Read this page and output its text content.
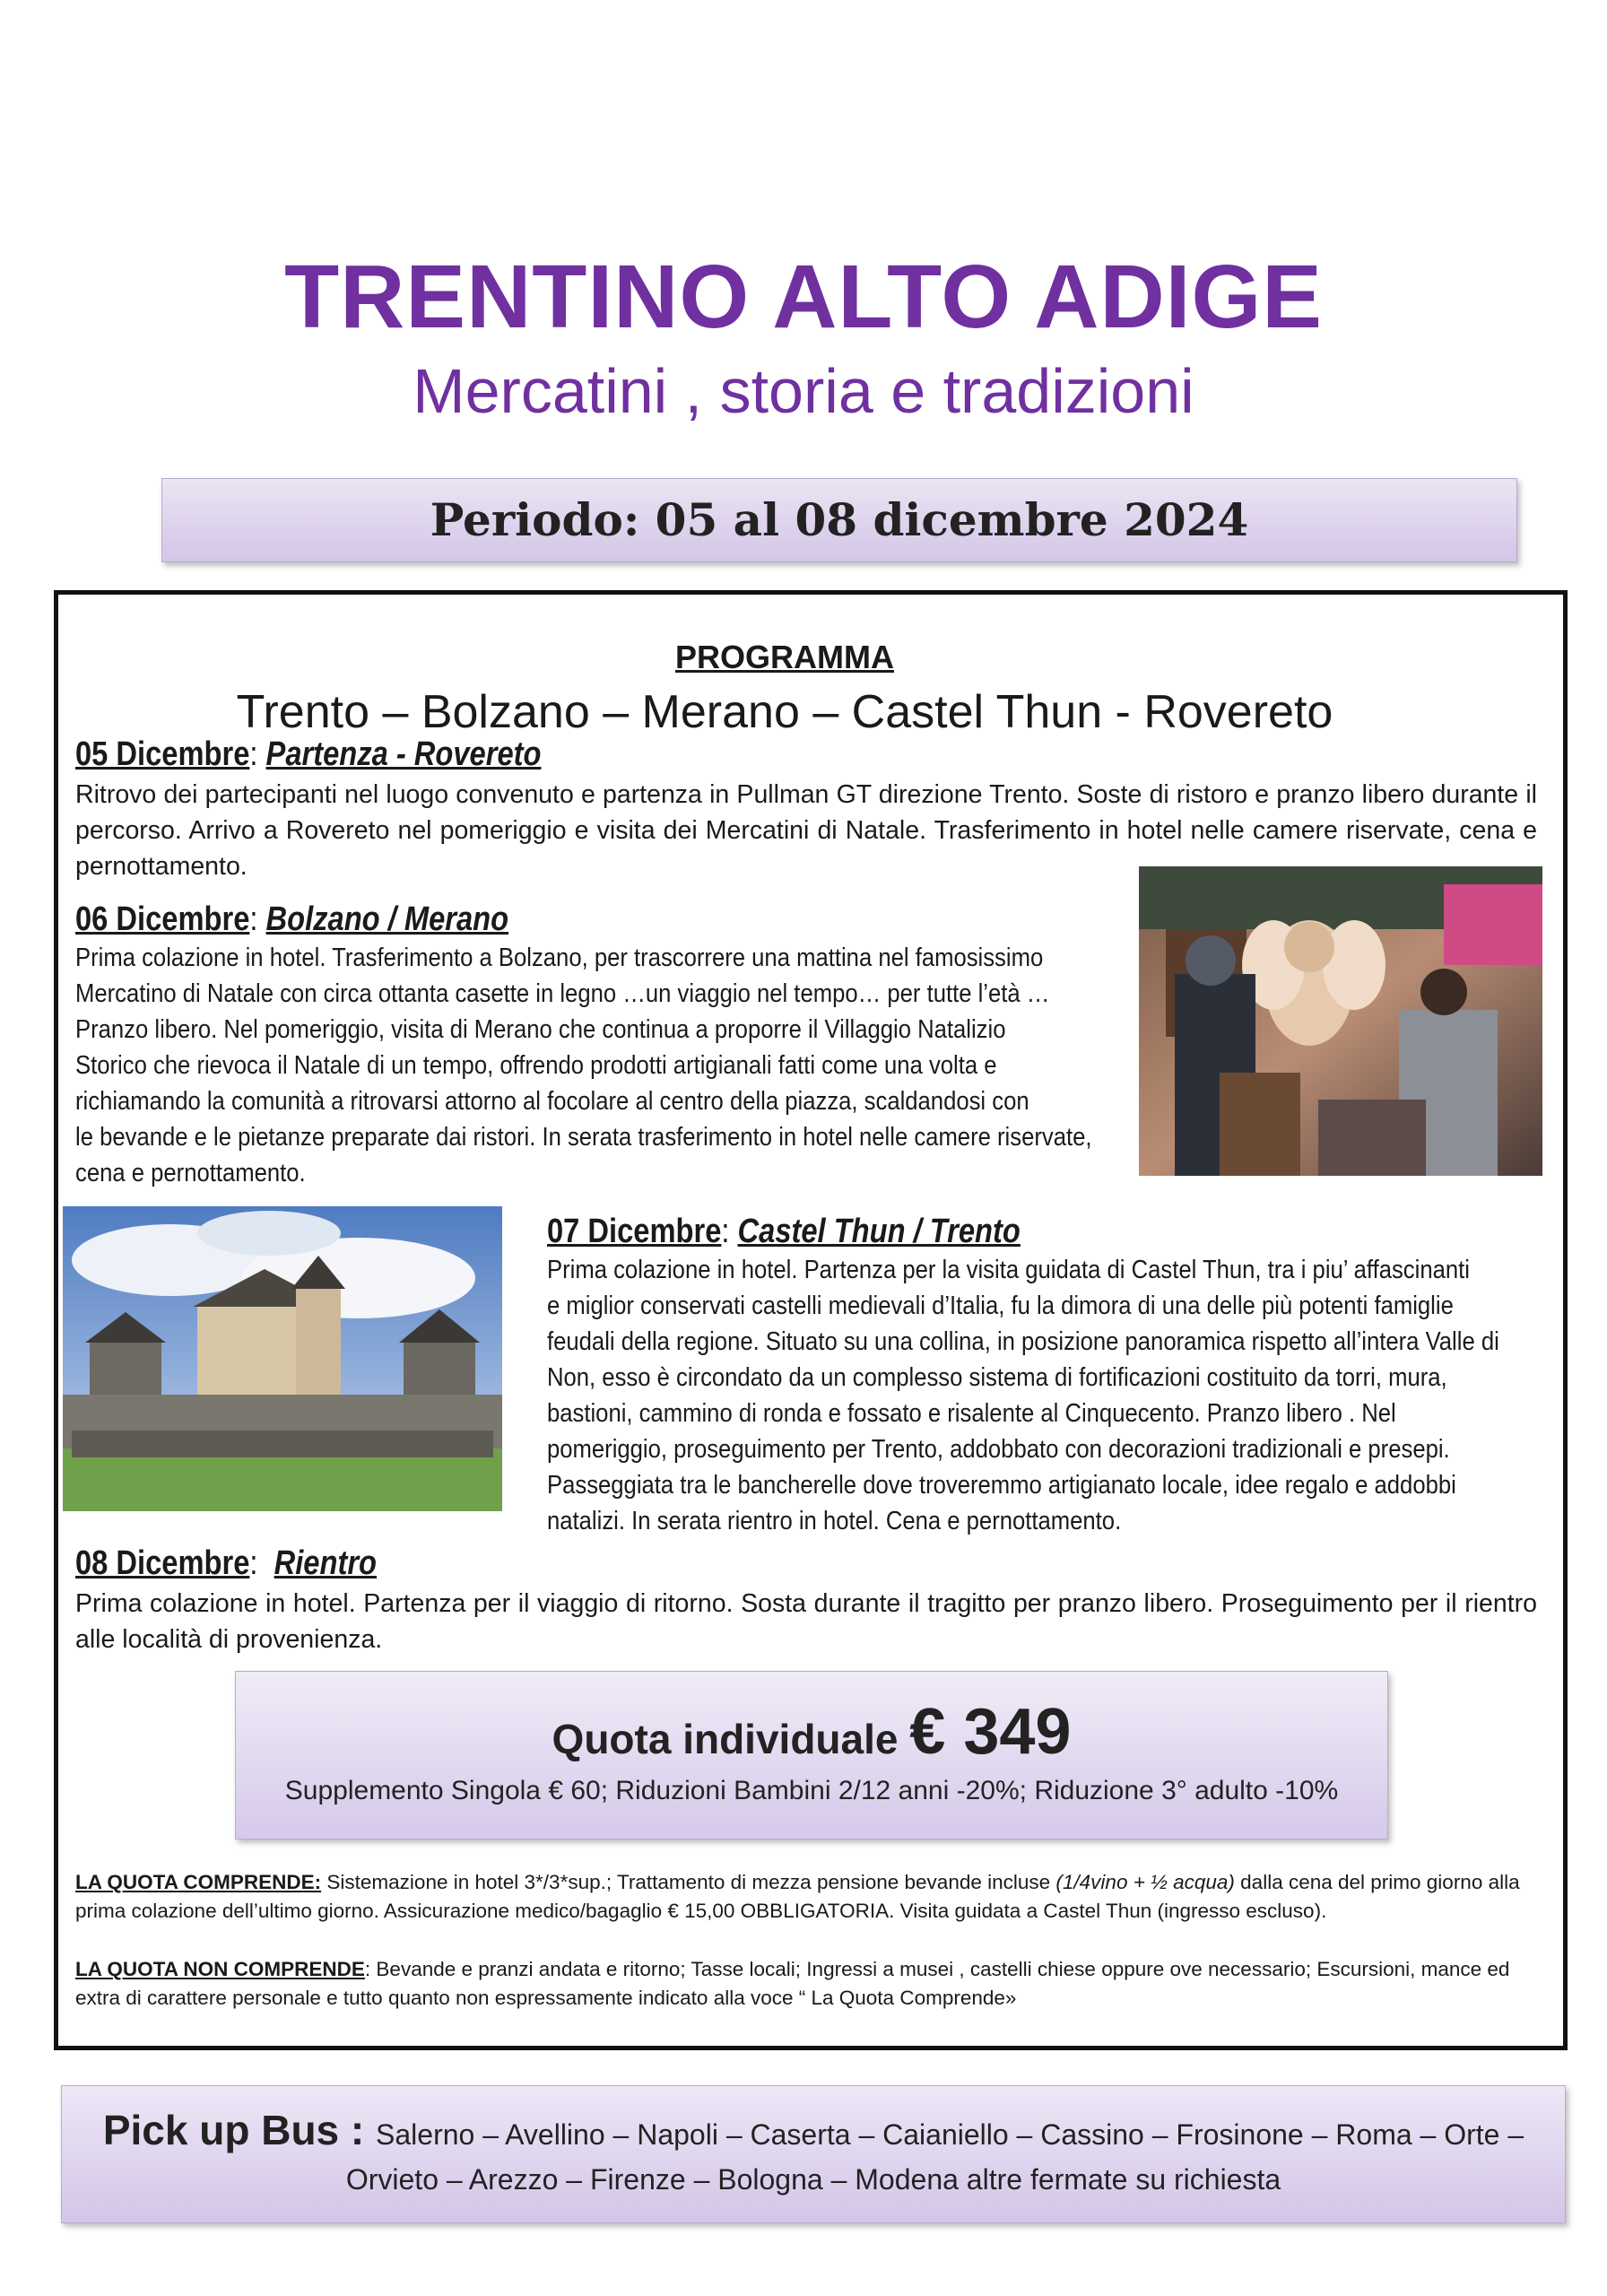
TRENTINO ALTO ADIGE
Mercatini , storia e tradizioni
Periodo: 05 al 08 dicembre 2024
PROGRAMMA
Trento – Bolzano – Merano – Castel Thun - Rovereto
05 Dicembre: Partenza - Rovereto
Ritrovo dei partecipanti nel luogo convenuto e partenza in Pullman GT direzione Trento. Soste di ristoro e pranzo libero durante il percorso. Arrivo a Rovereto nel pomeriggio e visita dei Mercatini di Natale. Trasferimento in hotel nelle camere riservate, cena e pernottamento.
06 Dicembre: Bolzano / Merano
Prima colazione in hotel. Trasferimento a Bolzano, per trascorrere una mattina nel famosissimo
Mercatino di Natale con circa ottanta casette in legno …un viaggio nel tempo… per tutte l’età …
Pranzo libero. Nel pomeriggio, visita di Merano che continua a proporre il Villaggio Natalizio
Storico che rievoca il Natale di un tempo, offrendo prodotti artigianali fatti come una volta e
richiamando la comunità a ritrovarsi attorno al focolare al centro della piazza, scaldandosi con
le bevande e le pietanze preparate dai ristori. In serata trasferimento in hotel nelle camere riservate,
cena e pernottamento.
07 Dicembre: Castel Thun / Trento
Prima colazione in hotel. Partenza per la visita guidata di Castel Thun, tra i piu’ affascinanti
e miglior conservati castelli medievali d’Italia, fu la dimora di una delle più potenti famiglie
feudali della regione. Situato su una collina, in posizione panoramica rispetto all’intera Valle di
Non, esso è circondato da un complesso sistema di fortificazioni costituito da torri, mura,
bastioni, cammino di ronda e fossato e risalente al Cinquecento. Pranzo libero . Nel
pomeriggio, proseguimento per Trento, addobbato con decorazioni tradizionali e presepi.
Passeggiata tra le bancherelle dove troveremmo artigianato locale, idee regalo e addobbi
natalizi. In serata rientro in hotel. Cena e pernottamento.
08 Dicembre:  Rientro
Prima colazione in hotel. Partenza per il viaggio di ritorno. Sosta durante il tragitto per pranzo libero. Proseguimento per il rientro alle località di provenienza.
Quota individuale € 349
Supplemento Singola € 60; Riduzioni Bambini 2/12 anni -20%; Riduzione 3° adulto -10%
LA QUOTA COMPRENDE: Sistemazione in hotel 3*/3*sup.; Trattamento di mezza pensione bevande incluse (1/4vino + ½ acqua) dalla cena del primo giorno alla prima colazione dell’ultimo giorno. Assicurazione medico/bagaglio € 15,00 OBBLIGATORIA. Visita guidata a Castel Thun (ingresso escluso).
LA QUOTA NON COMPRENDE: Bevande e pranzi andata e ritorno; Tasse locali; Ingressi a musei , castelli chiese oppure ove necessario; Escursioni, mance ed extra di carattere personale e tutto quanto non espressamente indicato alla voce “ La Quota Comprende»
Pick up Bus : Salerno – Avellino – Napoli – Caserta – Caianiello – Cassino – Frosinone – Roma – Orte –
Orvieto – Arezzo – Firenze – Bologna – Modena altre fermate su richiesta
